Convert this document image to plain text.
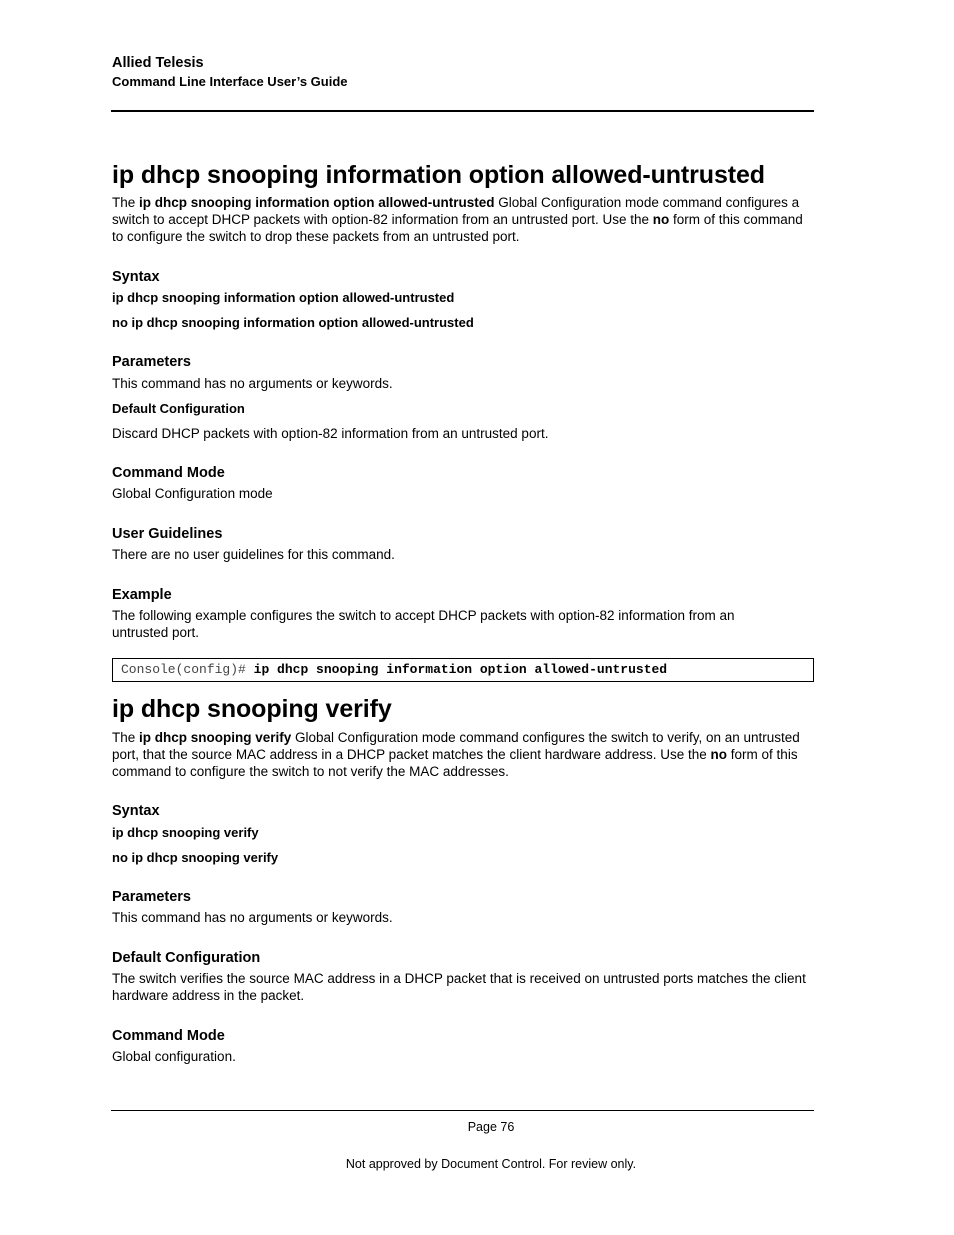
Allied Telesis
Command Line Interface User’s Guide
ip dhcp snooping information option allowed-untrusted
The ip dhcp snooping information option allowed-untrusted Global Configuration mode command configures a switch to accept DHCP packets with option-82 information from an untrusted port. Use the no form of this command to configure the switch to drop these packets from an untrusted port.
Syntax
ip dhcp snooping information option allowed-untrusted
no ip dhcp snooping information option allowed-untrusted
Parameters
This command has no arguments or keywords.
Default Configuration
Discard DHCP packets with option-82 information from an untrusted port.
Command Mode
Global Configuration mode
User Guidelines
There are no user guidelines for this command.
Example
The following example configures the switch to accept DHCP packets with option-82 information from an untrusted port.
Console(config)# ip dhcp snooping information option allowed-untrusted
ip dhcp snooping verify
The ip dhcp snooping verify Global Configuration mode command configures the switch to verify, on an untrusted port, that the source MAC address in a DHCP packet matches the client hardware address. Use the no form of this command to configure the switch to not verify the MAC addresses.
Syntax
ip dhcp snooping verify
no ip dhcp snooping verify
Parameters
This command has no arguments or keywords.
Default Configuration
The switch verifies the source MAC address in a DHCP packet that is received on untrusted ports matches the client hardware address in the packet.
Command Mode
Global configuration.
Page 76
Not approved by Document Control. For review only.
